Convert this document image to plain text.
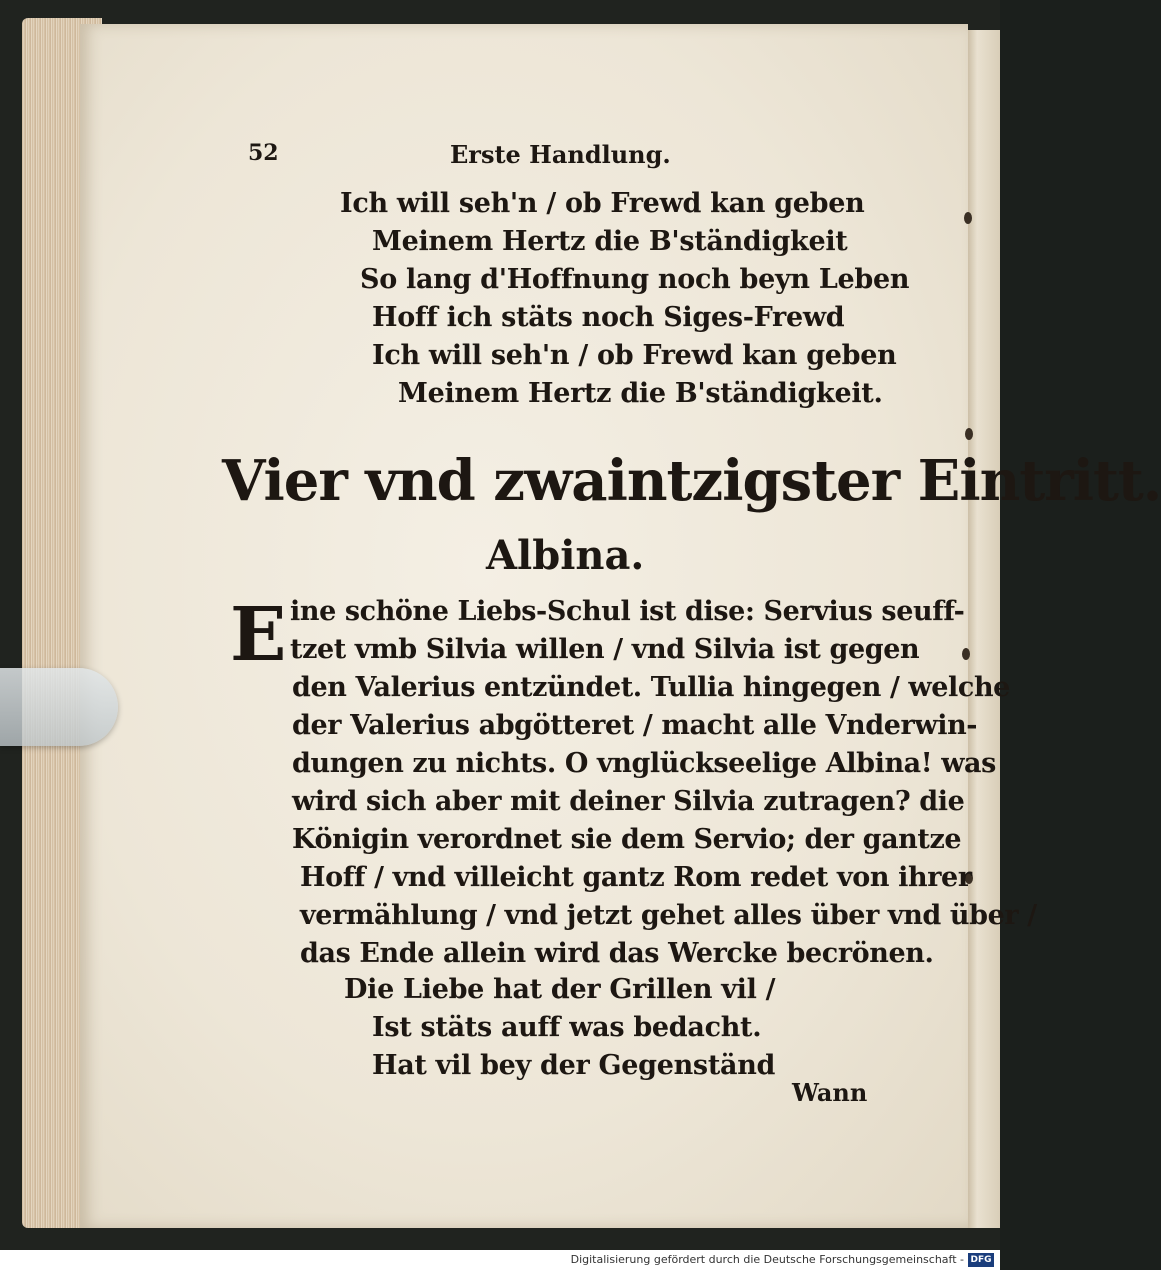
52	Erste Handlung.
Ich will seh'n / ob Frewd kan geben
Meinem Hertz die B'ständigkeit
So lang d'Hoffnung noch beyn Leben
Hoff ich stäts noch Siges-Frewd
Ich will seh'n / ob Frewd kan geben
Meinem Hertz die B'ständigkeit.
Vier vnd zwaintzigster Eintritt.
Albina.
E ine schöne Liebs-Schul ist dise: Servius seuff-
tzet vmb Silvia willen / vnd Silvia ist gegen
den Valerius entzündet. Tullia hingegen / welche
der Valerius abgötteret / macht alle Vnderwin-
dungen zu nichts. O vnglückseelige Albina! was
wird sich aber mit deiner Silvia zutragen? die
Königin verordnet sie dem Servio; der gantze
Hoff / vnd villeicht gantz Rom redet von ihrer
vermählung / vnd jetzt gehet alles über vnd über /
das Ende allein wird das Wercke becrönen.
Die Liebe hat der Grillen vil /
Ist stäts auff was bedacht.
Hat vil bey der Gegenständ
Wann
Digitalisierung gefördert durch die Deutsche Forschungsgemeinschaft - DFG
